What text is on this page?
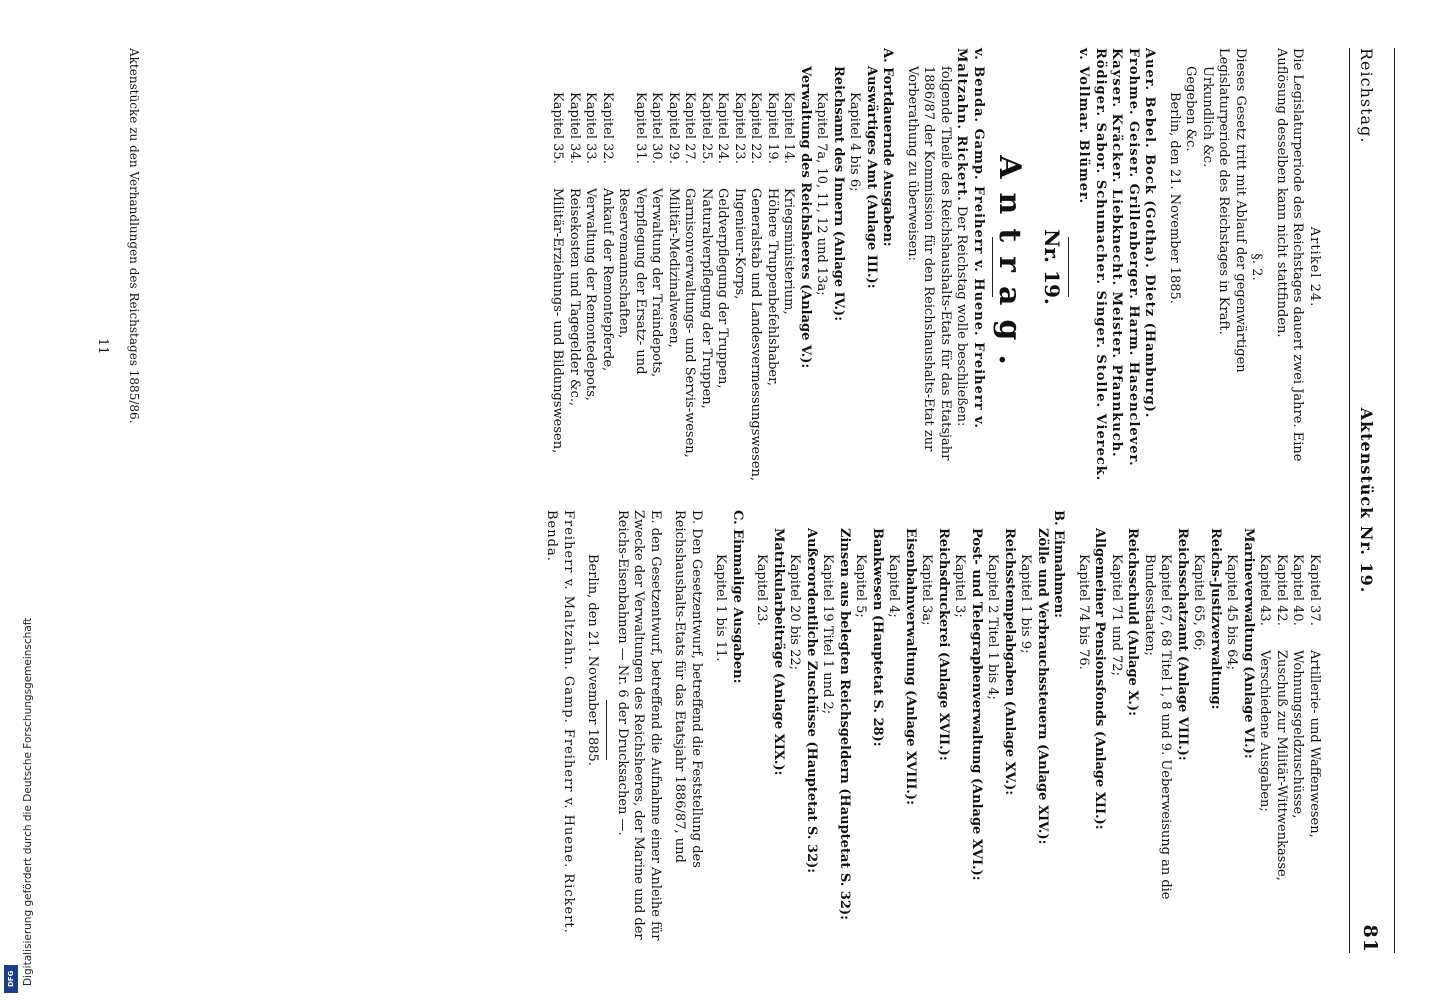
Digitalisierung gefördert durch die Deutsche Forschungsgemeinschaft
DFG
Reichstag.
Aktenstück Nr. 19.
81

Artikel 24.

Die Legislaturperiode des Reichstages dauert zwei Jahre. Eine Auflösung desselben kann nicht stattfinden.

§. 2.

Dieses Gesetz tritt mit Ablauf der gegenwärtigen Legislaturperiode des Reichstages in Kraft.

Urkundlich &c.

Gegeben &c.

Berlin, den 21. November 1885.

Auer. Bebel. Bock (Gotha). Dietz (Hamburg). Frohme. Geiser. Grillenberger. Harm. Hasenclever. Kayser. Kräcker. Liebknecht. Meister. Pfannkuch. Rödiger. Sabor. Schumacher. Singer. Stolle. Viereck. v. Vollmar. Blümer.

Nr. 19.

Antrag.

v. Benda. Gamp. Freiherr v. Huene. Freiherr v. Maltzahn. Rickert. Der Reichstag wolle beschließen:

folgende Theile des Reichshaushalts-Etats für das Etatsjahr 1886/87 der Kommission für den Reichshaushalts-Etat zur Vorberathung zu überweisen:

A. Fortdauernde Ausgaben:

Auswärtiges Amt (Anlage III.):

Kapitel 4 bis 6;

Reichsamt des Innern (Anlage IV.):

Kapitel 7a, 10, 11, 12 und 13a;

Verwaltung des Reichsheeres (Anlage V.):

Kapitel 14.
Kriegsministerium,
Kapitel 19.
Höhere Truppenbefehlshaber,
Kapitel 22.
Generalstab und Landesvermessungswesen,
Kapitel 23.
Ingenieur-Korps,
Kapitel 24.
Geldverpflegung der Truppen,
Kapitel 25.
Naturalverpflegung der Truppen,
Kapitel 27.
Garnisonverwaltungs- und Servis-wesen,
Kapitel 29.
Militär-Medizinalwesen,
Kapitel 30.
Verwaltung der Traindepots,
Kapitel 31.
Verpflegung der Ersatz- und Reservemannschaften,
Kapitel 32.
Ankauf der Remontepferde,
Kapitel 33.
Verwaltung der Remontedepots,
Kapitel 34.
Reisekosten und Tagegelder &c.,
Kapitel 35.
Militär-Erziehungs- und Bildungswesen,
Kapitel 37.
Artillerie- und Waffenwesen,
Kapitel 40.
Wohnungsgeldzuschüsse,
Kapitel 42.
Zuschuß zur Militär-Wittwenkasse,
Kapitel 43.
Verschiedene Ausgaben;

Marineverwaltung (Anlage VI.):

Kapitel 45 bis 64;

Reichs-Justizverwaltung:

Kapitel 65, 66;

Reichsschatzamt (Anlage VIII.):

Kapitel 67, 68 Titel 1, 8 und 9. Ueberweisung an die Bundesstaaten;

Reichsschuld (Anlage X.):

Kapitel 71 und 72;

Allgemeiner Pensionsfonds (Anlage XII.):

Kapitel 74 bis 76.

B. Einnahmen:

Zölle und Verbrauchssteuern (Anlage XIV.):

Kapitel 1 bis 9;

Reichsstempelabgaben (Anlage XV.):

Kapitel 2 Titel 1 bis 4;

Post- und Telegraphenverwaltung (Anlage XVI.):

Kapitel 3;

Reichsdruckerei (Anlage XVII.):

Kapitel 3a;

Eisenbahnverwaltung (Anlage XVIII.):

Kapitel 4;

Bankwesen (Hauptetat S. 28):

Kapitel 5;

Zinsen aus belegten Reichsgeldern (Hauptetat S. 32):

Kapitel 19 Titel 1 und 2;

Außerordentliche Zuschüsse (Hauptetat S. 32):

Kapitel 20 bis 22;

Matrikularbeiträge (Anlage XIX.):

Kapitel 23.

C. Einmalige Ausgaben:

Kapitel 1 bis 11.

D. Den Gesetzentwurf, betreffend die Feststellung des Reichshaushalts-Etats für das Etatsjahr 1886/87, und

E. den Gesetzentwurf, betreffend die Aufnahme einer Anleihe für Zwecke der Verwaltungen des Reichsheeres, der Marine und der Reichs-Eisenbahnen — Nr. 6 der Drucksachen —.

Berlin, den 21. November 1885.

Freiherr v. Maltzahn. Gamp. Freiherr v. Huene. Rickert. Benda.

Aktenstücke zu den Verhandlungen des Reichstages 1885/86.

11
